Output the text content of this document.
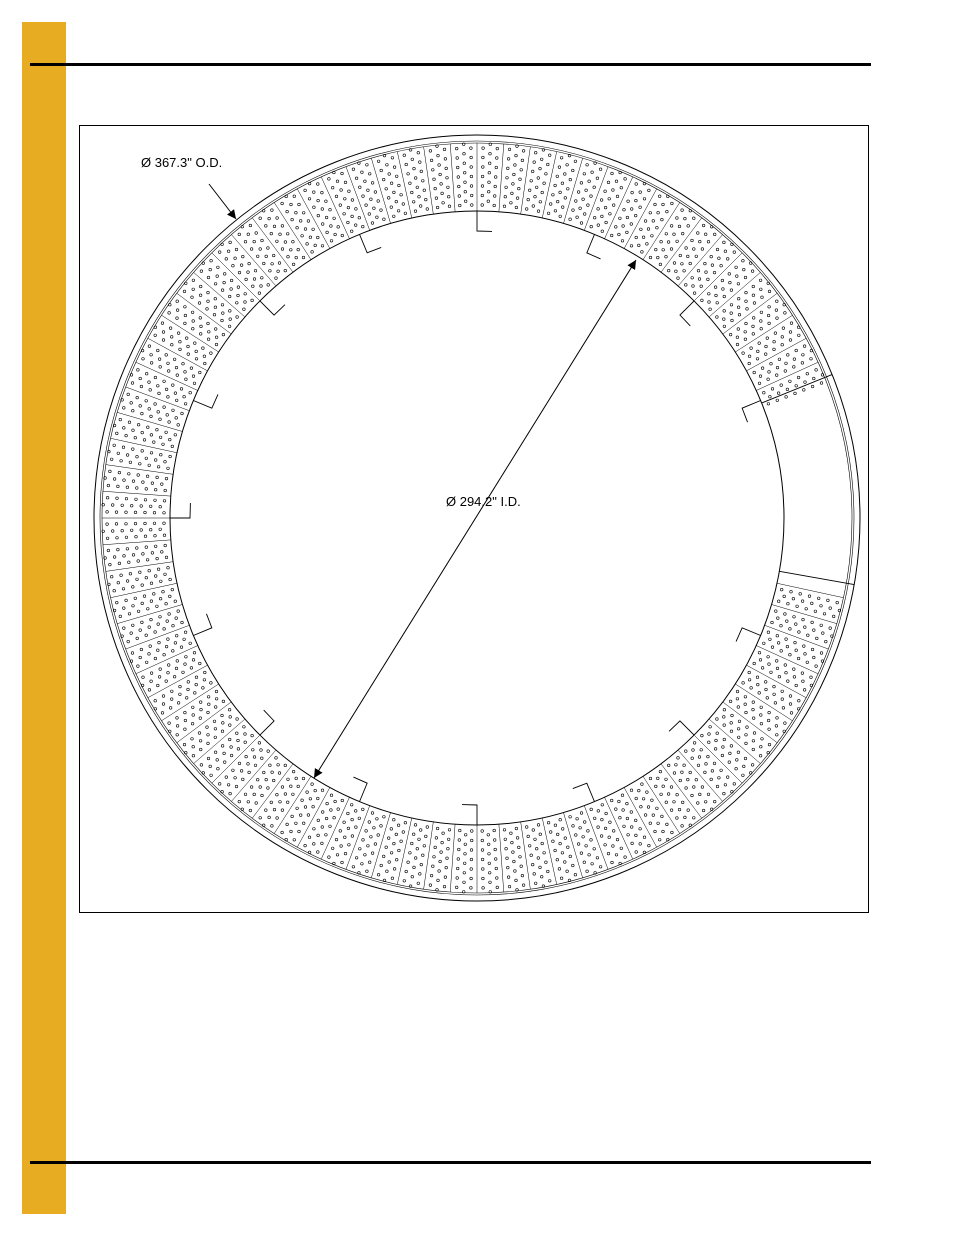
Ø 367.3" O.D.
Ø 294.2" I.D.
